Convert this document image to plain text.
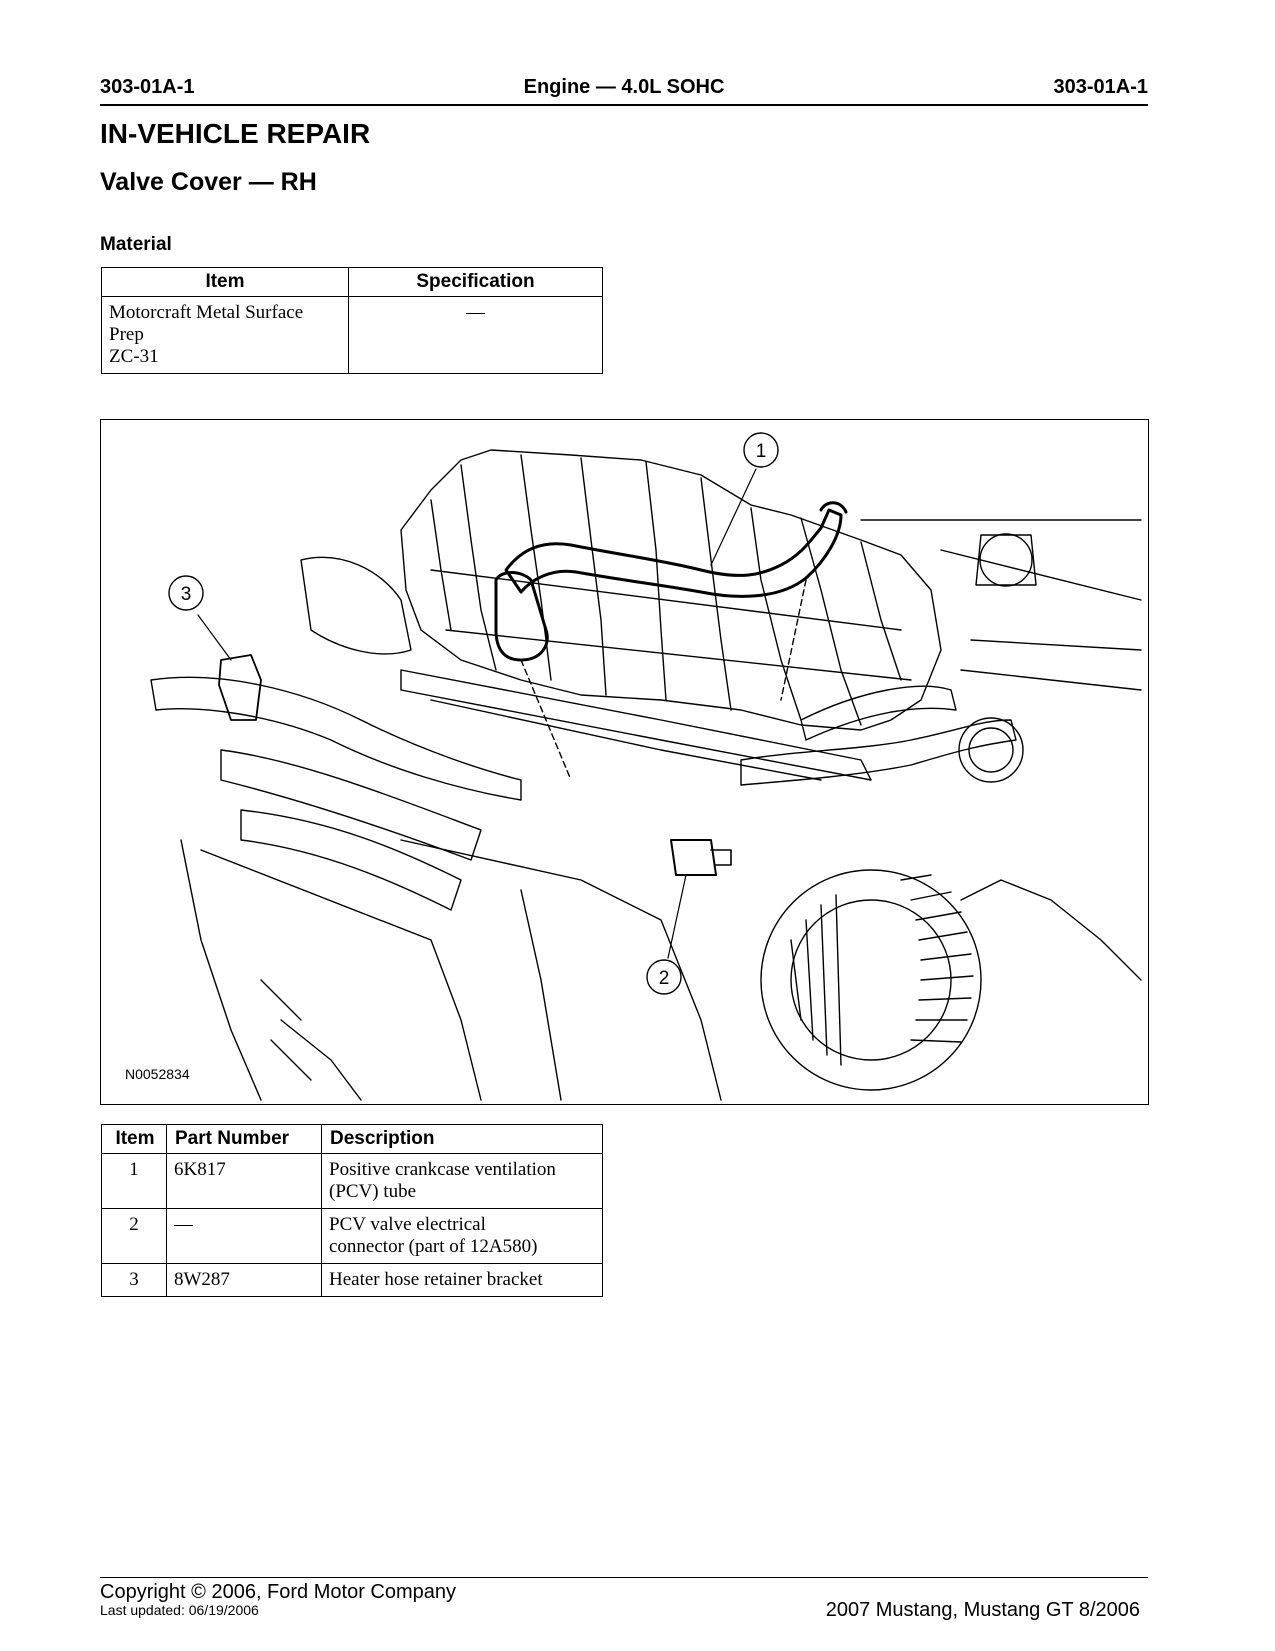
303-01A-1	Engine — 4.0L SOHC	303-01A-1
IN-VEHICLE REPAIR
Valve Cover — RH
Material
Item	Specification

Motorcraft Metal Surface
Prep
ZC-31	—
1
2
3
N0052834
Item	Part Number	Description
1	6K817	Positive crankcase ventilation
(PCV) tube

2	—	PCV valve electrical
connector (part of 12A580)

3	8W287	Heater hose retainer bracket
Copyright © 2006, Ford Motor Company
Last updated: 06/19/2006	2007 Mustang, Mustang GT 8/2006
